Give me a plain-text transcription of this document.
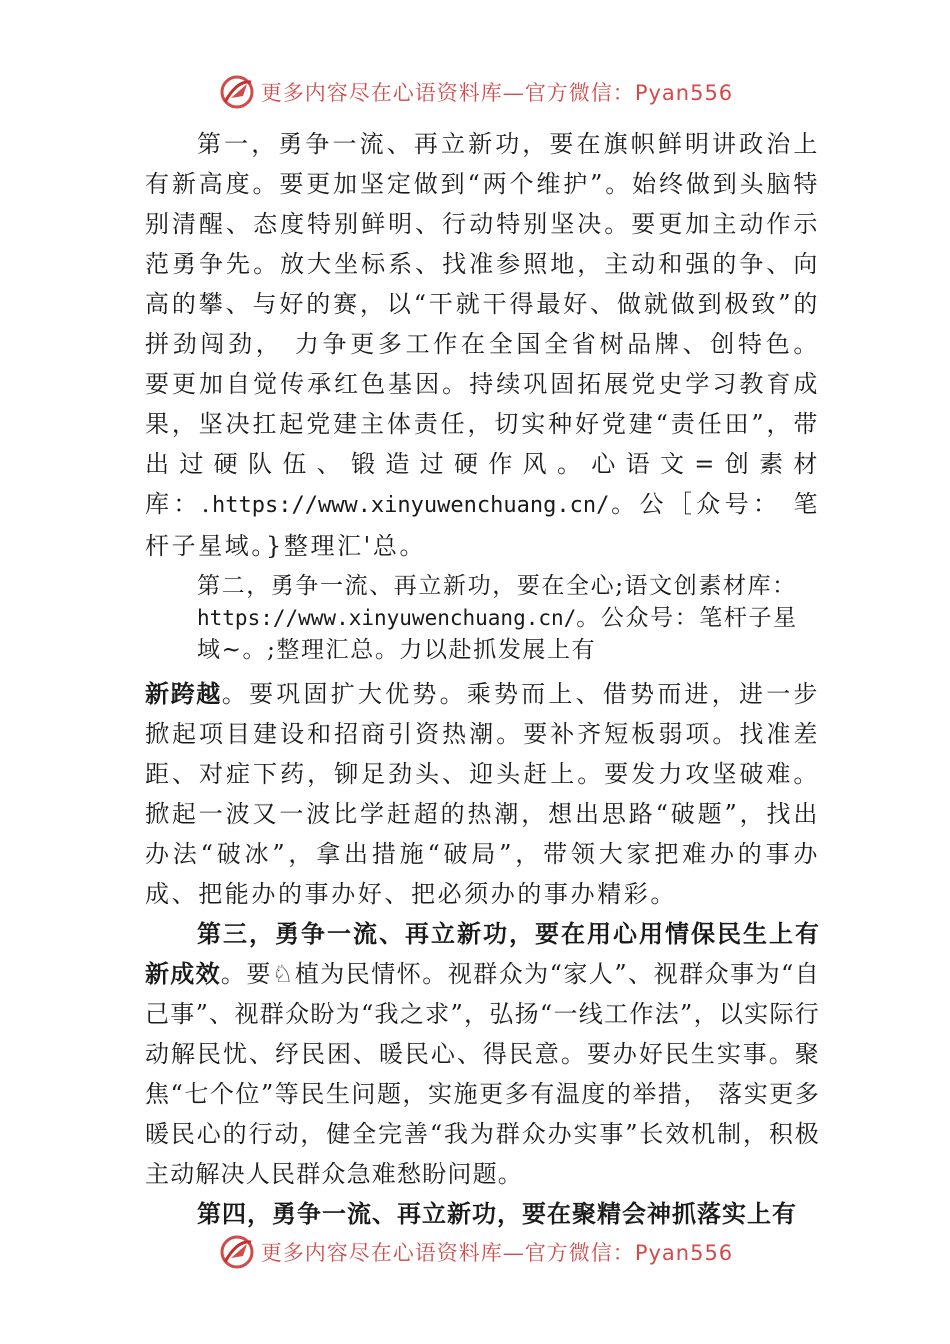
更多内容尽在心语资料库—官方微信：Pyan556

第一，勇争一流、再立新功，要在旗帜鲜明讲政治上有新高度。要更加坚定做到“两个维护”。始终做到头脑特别清醒、态度特别鲜明、行动特别坚决。要更加主动作示范勇争先。放大坐标系、找准参照地，主动和强的争、向高的攀、与好的赛，以“干就干得最好、做就做到极致”的拼劲闯劲， 力争更多工作在全国全省树品牌、创特色。要更加自觉传承红色基因。持续巩固拓展党史学习教育成果，坚决扛起党建主体责任，切实种好党建“责任田”，带出过硬队伍、锻造过硬作风。心语文=创素材库：.https://www.xinyuwenchuang.cn/。公［众号： 笔杆子星域。}整理汇'总。

第二，勇争一流、再立新功，要在全心;语文创素材库：
https://www.xinyuwenchuang.cn/。公众号：笔杆子星域~。;整理汇总。力以赴抓发展上有

新跨越。要巩固扩大优势。乘势而上、借势而进，进一步掀起项目建设和招商引资热潮。要补齐短板弱项。找准差距、对症下药，铆足劲头、迎头赶上。要发力攻坚破难。掀起一波又一波比学赶超的热潮，想出思路“破题”，找出办法“破冰”，拿出措施“破局”，带领大家把难办的事办成、把能办的事办好、把必须办的事办精彩。

第三，勇争一流、再立新功，要在用心用情保民生上有新成效。要♘植为民情怀。视群众为“家人”、视群众事为“自己事”、视群众盼为“我之求”，弘扬“一线工作法”，以实际行动解民忧、纾民困、暖民心、得民意。要办好民生实事。聚焦“七个位”等民生问题，实施更多有温度的举措， 落实更多暖民心的行动，健全完善“我为群众办实事”长效机制，积极主动解决人民群众急难愁盼问题。

第四，勇争一流、再立新功，要在聚精会神抓落实上有

更多内容尽在心语资料库—官方微信：Pyan556
